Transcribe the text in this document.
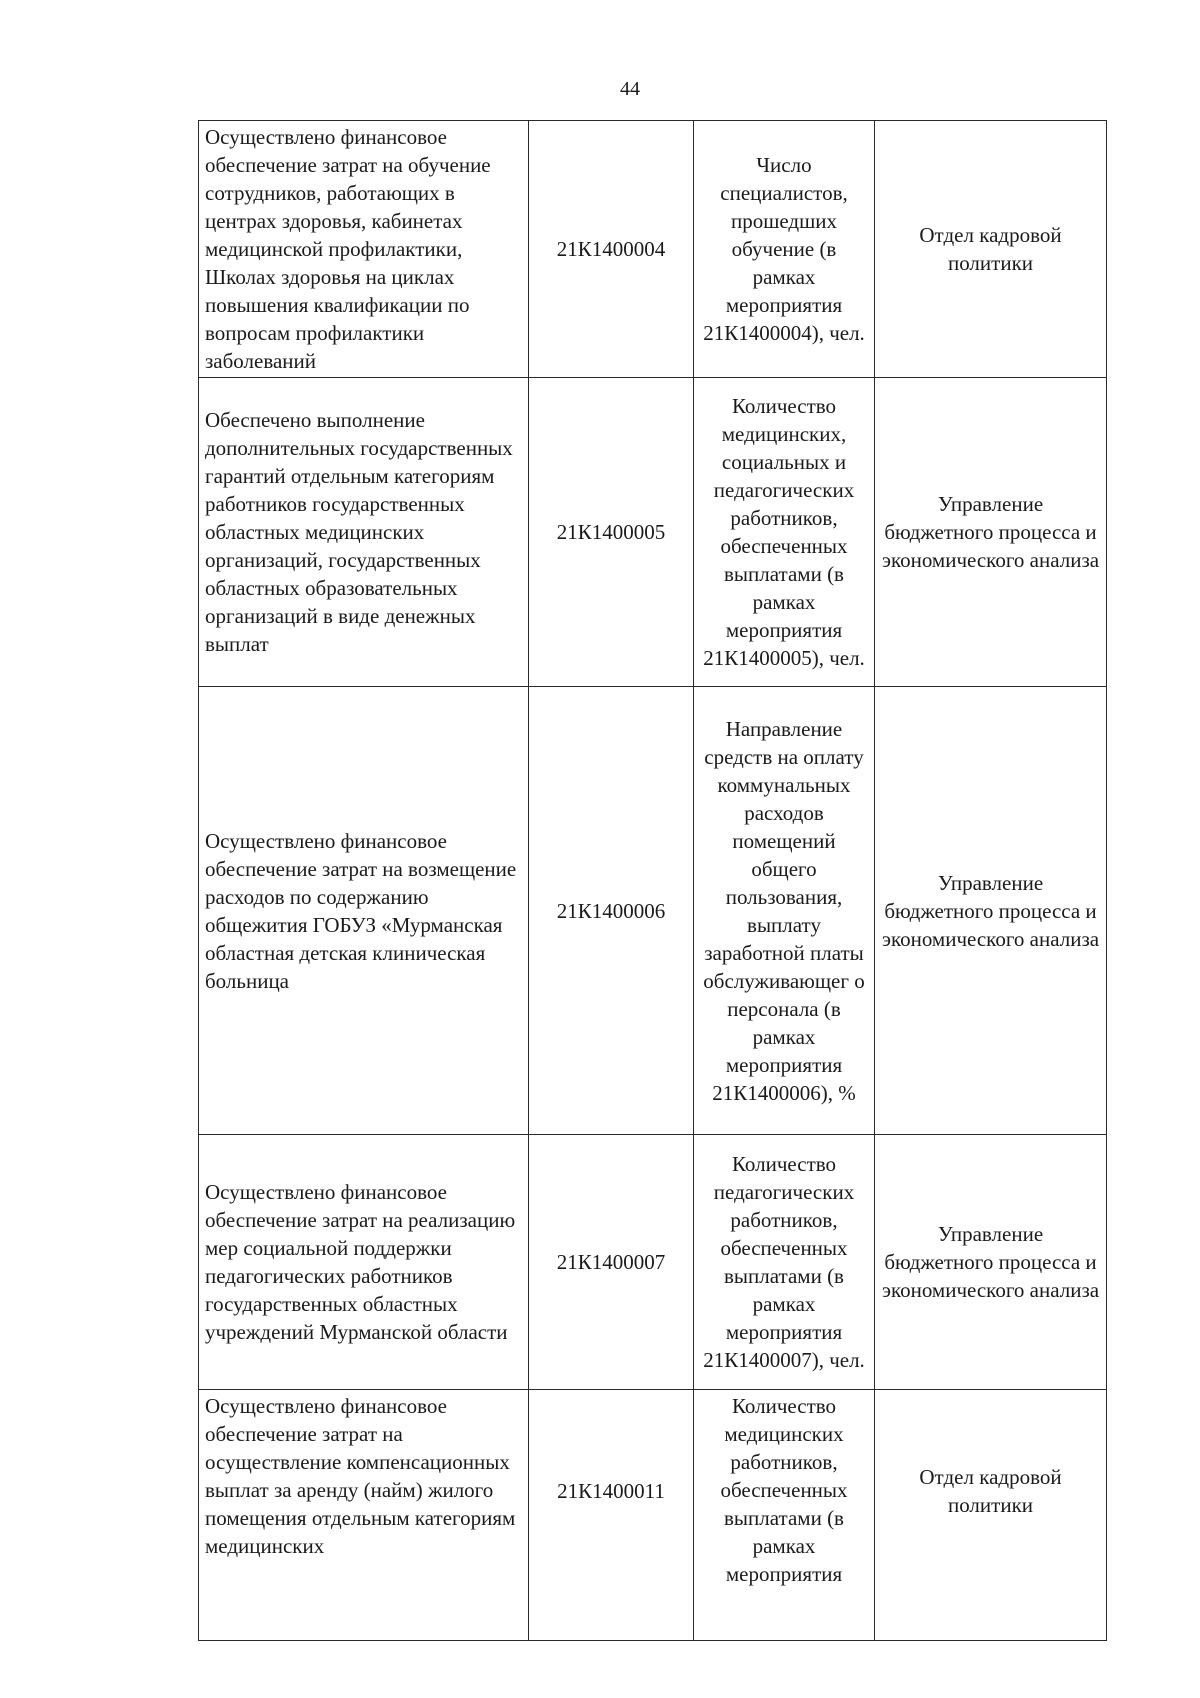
44
Осуществлено финансовое обеспечение затрат на обучение сотрудников, работающих в центрах здоровья, кабинетах медицинской профилактики, Школах здоровья на циклах повышения квалификации по вопросам профилактики заболеваний	21К1400004	Число специалистов, прошедших обучение (в рамках мероприятия 21К1400004), чел.	Отдел кадровой политики
Обеспечено выполнение дополнительных государственных гарантий отдельным категориям работников государственных областных медицинских организаций, государственных областных образовательных организаций в виде денежных выплат	21К1400005	Количество медицинских, социальных и педагогических работников, обеспеченных выплатами (в рамках мероприятия 21К1400005), чел.	Управление бюджетного процесса и экономического анализа
Осуществлено финансовое обеспечение затрат на возмещение расходов по содержанию общежития ГОБУЗ «Мурманская областная детская клиническая больница	21К1400006	Направление средств на оплату коммунальных расходов помещений общего пользования, выплату заработной платы обслуживающег о персонала (в рамках мероприятия 21К1400006), %	Управление бюджетного процесса и экономического анализа
Осуществлено финансовое обеспечение затрат на реализацию мер социальной поддержки педагогических работников государственных областных учреждений Мурманской области	21К1400007	Количество педагогических работников, обеспеченных выплатами (в рамках мероприятия 21К1400007), чел.	Управление бюджетного процесса и экономического анализа
Осуществлено финансовое обеспечение затрат на осуществление компенсационных выплат за аренду (найм) жилого помещения отдельным категориям медицинских	21К1400011	Количество медицинских работников, обеспеченных выплатами (в рамках мероприятия	Отдел кадровой политики
